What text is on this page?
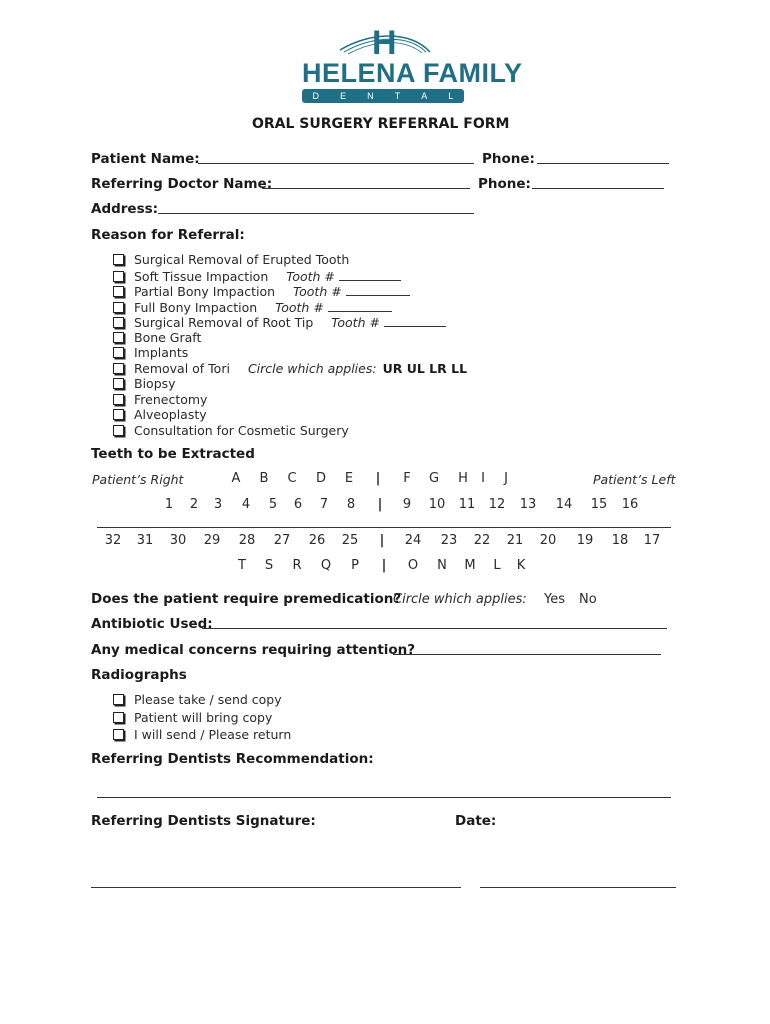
H
HELENA FAMILY
D E N T A L
ORAL SURGERY REFERRAL FORM
Patient Name:	Phone:
Referring Doctor Name:	Phone:
Address:
Reason for Referral:
Surgical Removal of Erupted Tooth
Soft Tissue Impaction Tooth #
Partial Bony Impaction Tooth #
Full Bony Impaction Tooth #
Surgical Removal of Root Tip Tooth #
Bone Graft
Implants
Removal of Tori Circle which applies: UR UL LR LL
Biopsy
Frenectomy
Alveoplasty
Consultation for Cosmetic Surgery
Teeth to be Extracted
Patient’s Right	Patient’s Left
A	B	C	D	E	|	F	G	H	I	J
1	2	3	4	5	6	7	8	|	9	10 11 12 13 14 15 16
32 31 30 29 28 27 26 25	|	24 23 22 21 20 19 18 17
T	S	R	Q	P	|	O	N	M	L	K
Does the patient require premedication?
Circle which applies: Yes No
Antibiotic Used:
Any medical concerns requiring attention?
Radiographs
Please take / send copy
Patient will bring copy
I will send / Please return
Referring Dentists Recommendation:
Referring Dentists Signature:	Date:
